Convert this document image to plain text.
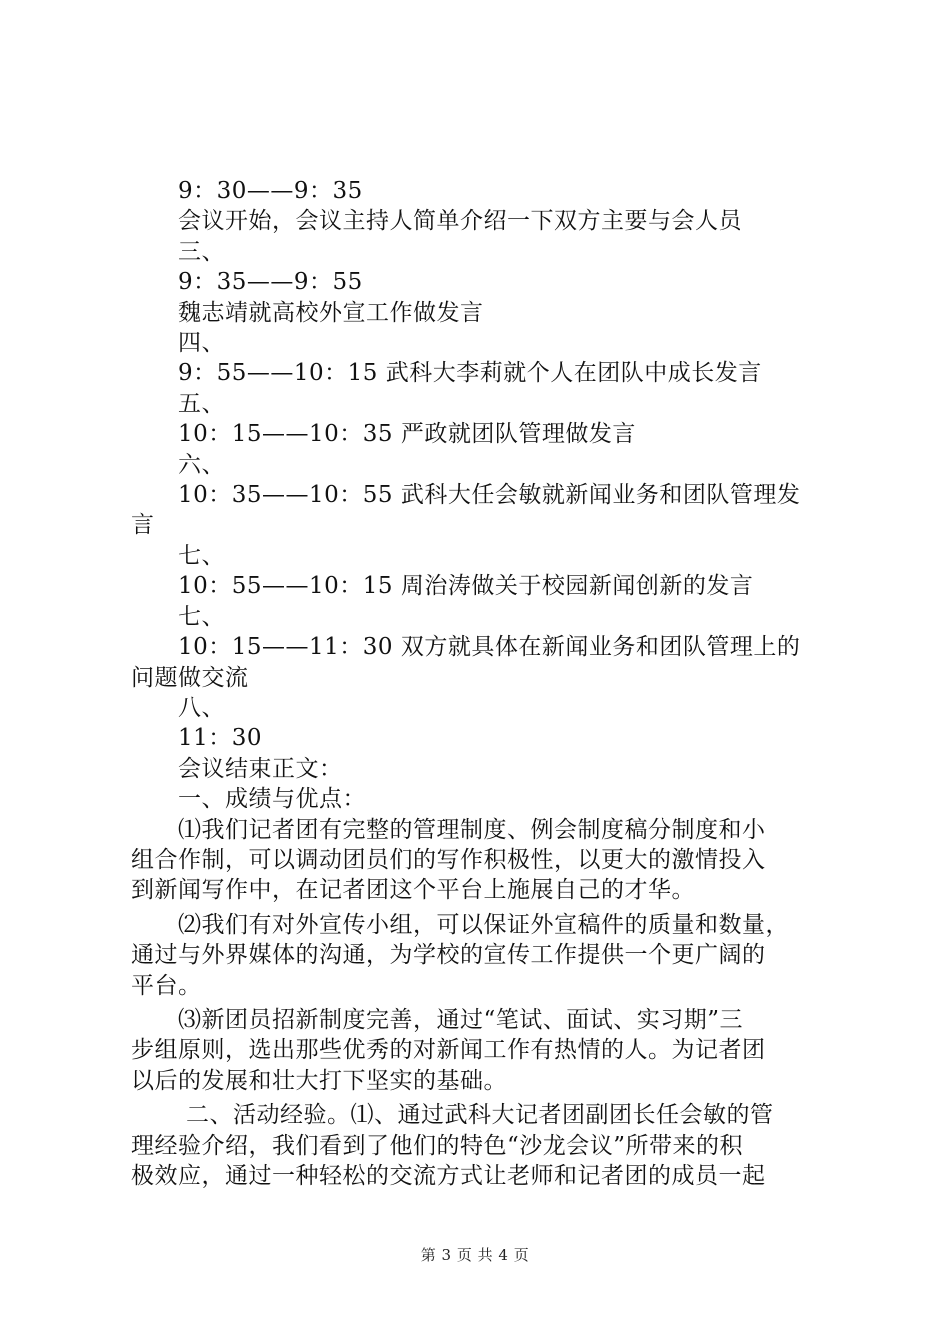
9：30——9：35
会议开始，会议主持人简单介绍一下双方主要与会人员
三、
9：35——9：55
魏志靖就高校外宣工作做发言
四、
9：55——10：15 武科大李莉就个人在团队中成长发言
五、
10：15——10：35 严政就团队管理做发言
六、
10：35——10：55 武科大任会敏就新闻业务和团队管理发
言
七、
10：55——10：15 周治涛做关于校园新闻创新的发言
七、
10：15——11：30 双方就具体在新闻业务和团队管理上的
问题做交流
八、
11：30
会议结束正文：
一、成绩与优点：
⑴我们记者团有完整的管理制度、例会制度稿分制度和小
组合作制，可以调动团员们的写作积极性，以更大的激情投入
到新闻写作中，在记者团这个平台上施展自己的才华。
⑵我们有对外宣传小组，可以保证外宣稿件的质量和数量，
通过与外界媒体的沟通，为学校的宣传工作提供一个更广阔的
平台。
⑶新团员招新制度完善，通过“笔试、面试、实习期”三
步组原则，选出那些优秀的对新闻工作有热情的人。为记者团
以后的发展和壮大打下坚实的基础。
二、活动经验。⑴、通过武科大记者团副团长任会敏的管
理经验介绍，我们看到了他们的特色“沙龙会议”所带来的积
极效应，通过一种轻松的交流方式让老师和记者团的成员一起
第 3 页 共 4 页
